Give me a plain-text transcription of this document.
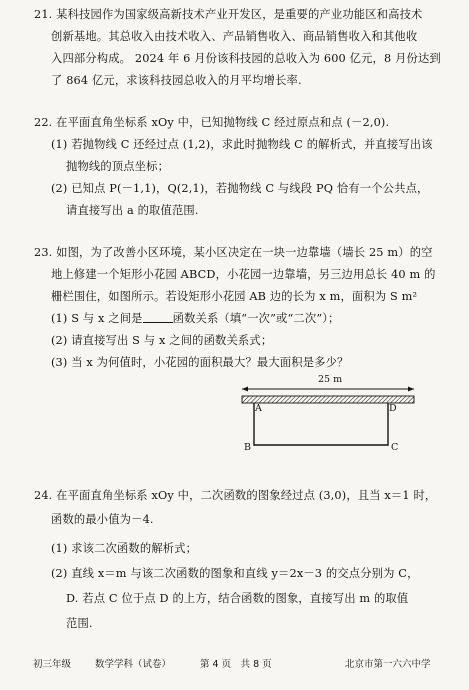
21. 某科技园作为国家级高新技术产业开发区，是重要的产业功能区和高技术
创新基地。其总收入由技术收入、产品销售收入、商品销售收入和其他收
入四部分构成。 2024 年 6 月份该科技园的总收入为 600 亿元，8 月份达到
了 864 亿元，求该科技园总收入的月平均增长率.
22. 在平面直角坐标系 xOy 中，已知抛物线 C 经过原点和点 (－2,0).
(1) 若抛物线 C 还经过点 (1,2)，求此时抛物线 C 的解析式，并直接写出该
抛物线的顶点坐标；
(2) 已知点 P(－1,1)，Q(2,1)，若抛物线 C 与线段 PQ 恰有一个公共点，
请直接写出 a 的取值范围.
23. 如图，为了改善小区环境，某小区决定在一块一边靠墙（墙长 25 m）的空
地上修建一个矩形小花园 ABCD，小花园一边靠墙，另三边用总长 40 m 的
栅栏围住，如图所示。若设矩形小花园 AB 边的长为 x m，面积为 S m²
(1) S 与 x 之间是	函数关系（填“一次”或“二次”）；
(2) 请直接写出 S 与 x 之间的函数关系式；
(3) 当 x 为何值时，小花园的面积最大？最大面积是多少？
25 m
A	D
B	C
24. 在平面直角坐标系 xOy 中，二次函数的图象经过点 (3,0)，且当 x＝1 时，
函数的最小值为－4.
(1) 求该二次函数的解析式；
(2) 直线 x＝m 与该二次函数的图象和直线 y＝2x－3 的交点分别为 C，
D. 若点 C 位于点 D 的上方，结合函数的图象，直接写出 m 的取值
范围.
初三年级	数学学科（试卷）	第 4 页　共 8 页	北京市第一六六中学
